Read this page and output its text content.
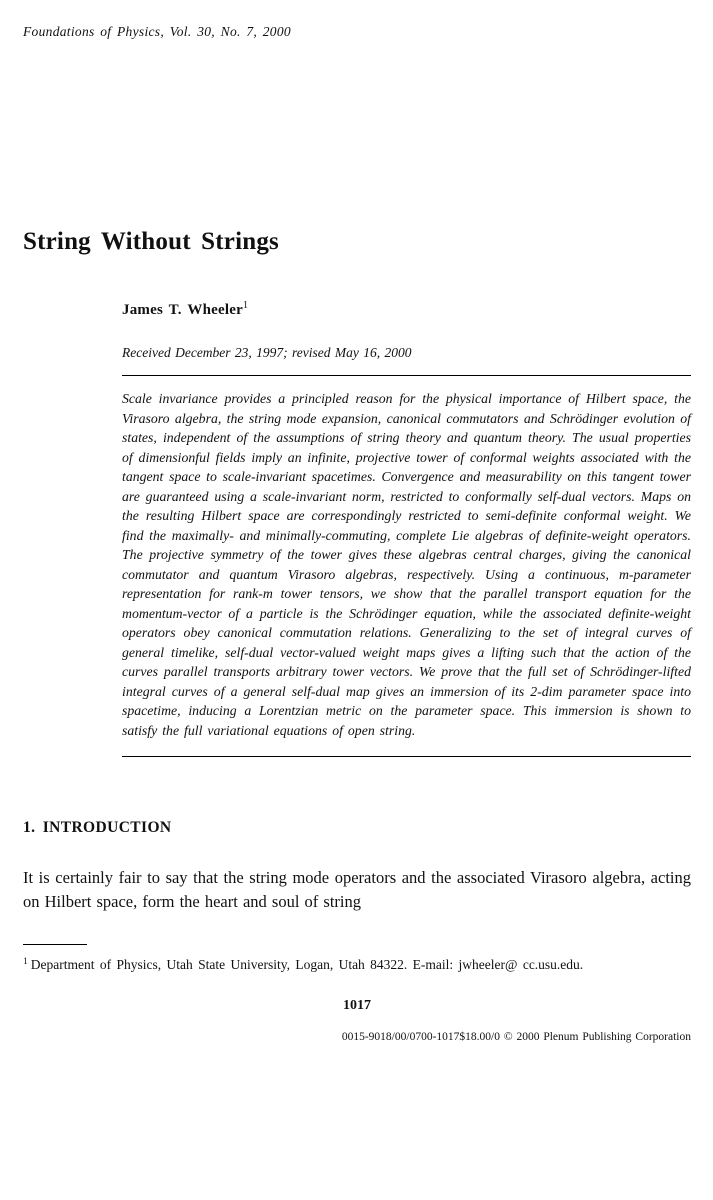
Foundations of Physics, Vol. 30, No. 7, 2000
String Without Strings
James T. Wheeler$^1$
Received December 23, 1997; revised May 16, 2000
Scale invariance provides a principled reason for the physical importance of Hilbert space, the Virasoro algebra, the string mode expansion, canonical commutators and Schrödinger evolution of states, independent of the assumptions of string theory and quantum theory. The usual properties of dimensionful fields imply an infinite, projective tower of conformal weights associated with the tangent space to scale-invariant spacetimes. Convergence and measurability on this tangent tower are guaranteed using a scale-invariant norm, restricted to conformally self-dual vectors. Maps on the resulting Hilbert space are correspondingly restricted to semi-definite conformal weight. We find the maximally- and minimally-commuting, complete Lie algebras of definite-weight operators. The projective symmetry of the tower gives these algebras central charges, giving the canonical commutator and quantum Virasoro algebras, respectively. Using a continuous, m-parameter representation for rank-m tower tensors, we show that the parallel transport equation for the momentum-vector of a particle is the Schrödinger equation, while the associated definite-weight operators obey canonical commutation relations. Generalizing to the set of integral curves of general timelike, self-dual vector-valued weight maps gives a lifting such that the action of the curves parallel transports arbitrary tower vectors. We prove that the full set of Schrödinger-lifted integral curves of a general self-dual map gives an immersion of its 2-dim parameter space into spacetime, inducing a Lorentzian metric on the parameter space. This immersion is shown to satisfy the full variational equations of open string.
1. INTRODUCTION
It is certainly fair to say that the string mode operators and the associated Virasoro algebra, acting on Hilbert space, form the heart and soul of string
$^1$ Department of Physics, Utah State University, Logan, Utah 84322. E-mail: jwheeler@ cc.usu.edu.
1017
0015-9018/00/0700-1017$18.00/0 © 2000 Plenum Publishing Corporation
